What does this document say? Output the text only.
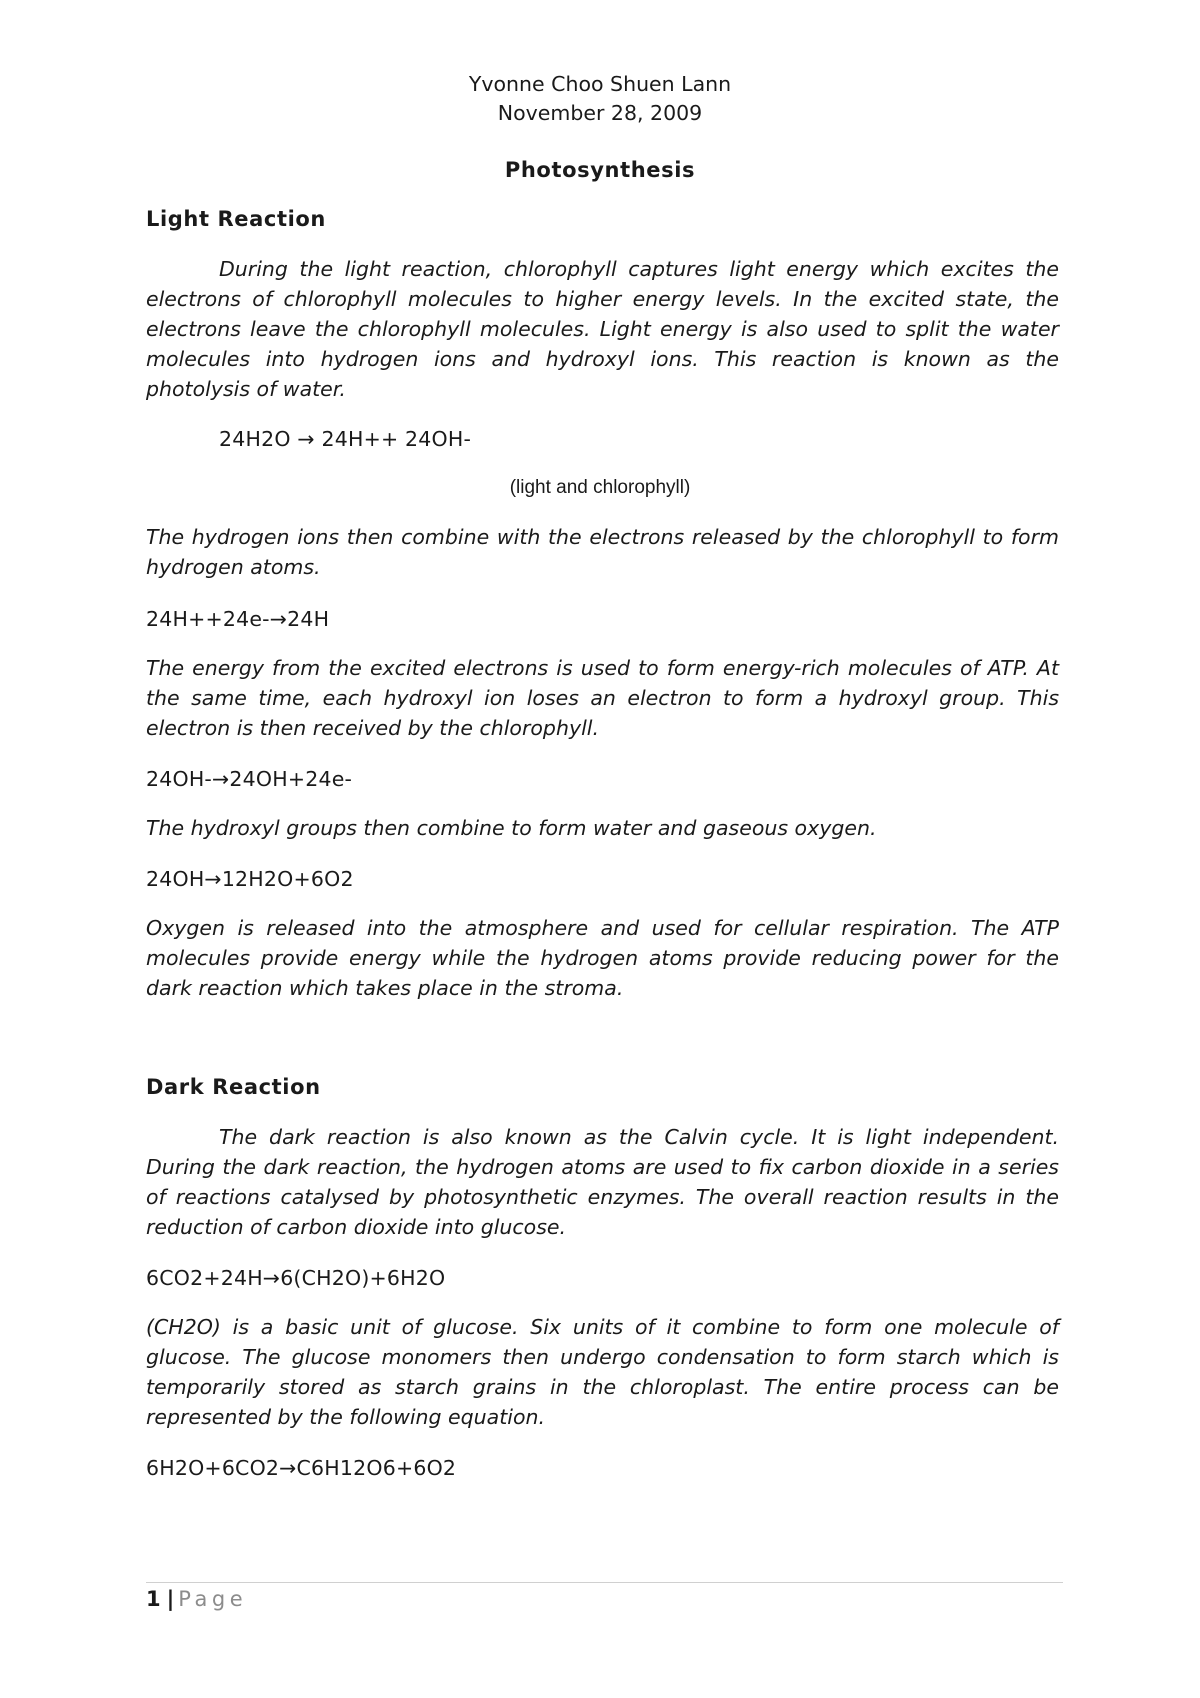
Yvonne Choo Shuen Lann
November 28, 2009
Photosynthesis
Light Reaction

During the light reaction, chlorophyll captures light energy which excites the electrons of chlorophyll molecules to higher energy levels. In the excited state, the electrons leave the chlorophyll molecules. Light energy is also used to split the water molecules into hydrogen ions and hydroxyl ions. This reaction is known as the photolysis of water.

24H2O → 24H++ 24OH-
(light and chlorophyll)

The hydrogen ions then combine with the electrons released by the chlorophyll to form hydrogen atoms.

24H++24e-→24H

The energy from the excited electrons is used to form energy-rich molecules of ATP. At the same time, each hydroxyl ion loses an electron to form a hydroxyl group. This electron is then received by the chlorophyll.

24OH-→24OH+24e-

The hydroxyl groups then combine to form water and gaseous oxygen.

24OH→12H2O+6O2

Oxygen is released into the atmosphere and used for cellular respiration. The ATP molecules provide energy while the hydrogen atoms provide reducing power for the dark reaction which takes place in the stroma.

Dark Reaction

The dark reaction is also known as the Calvin cycle. It is light independent. During the dark reaction, the hydrogen atoms are used to fix carbon dioxide in a series of reactions catalysed by photosynthetic enzymes. The overall reaction results in the reduction of carbon dioxide into glucose.

6CO2+24H→6(CH2O)+6H2O

(CH2O) is a basic unit of glucose. Six units of it combine to form one molecule of glucose. The glucose monomers then undergo condensation to form starch which is temporarily stored as starch grains in the chloroplast. The entire process can be represented by the following equation.

6H2O+6CO2→C6H12O6+6O2
1 | Page
